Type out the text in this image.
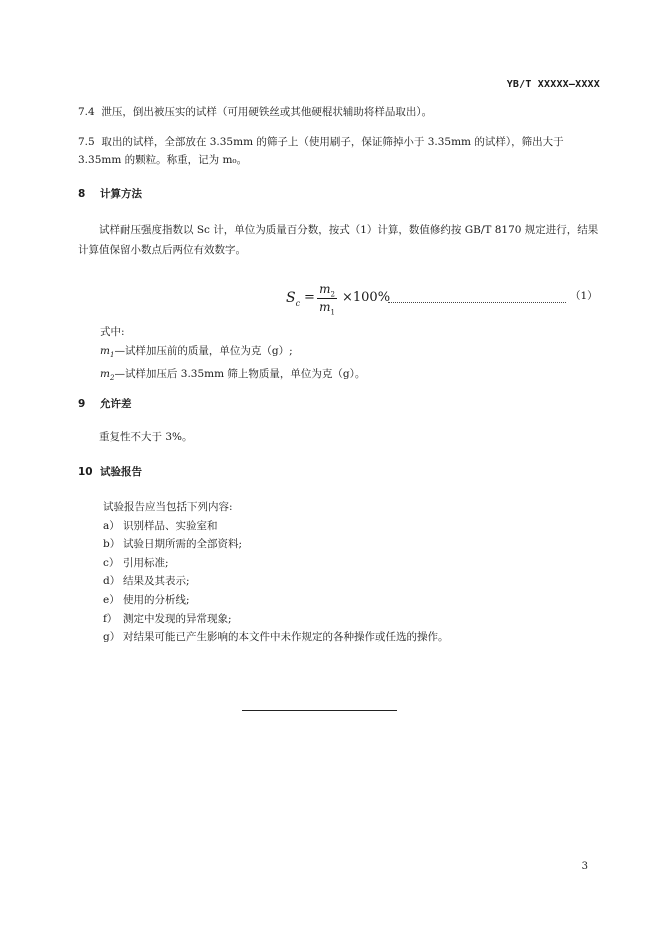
YB/T XXXXX—XXXX
7.4 泄压，倒出被压实的试样（可用硬铁丝或其他硬棍状辅助将样品取出）。
7.5 取出的试样，全部放在 3.35mm 的筛子上（使用刷子，保证筛掉小于 3.35mm 的试样），筛出大于 3.35mm 的颗粒。称重，记为 m₀。
8 计算方法
试样耐压强度指数以 Sc 计，单位为质量百分数，按式（1）计算，数值修约按 GB/T 8170 规定进行，结果计算值保留小数点后两位有效数字。
$S_c$ =
$m_2$
$m_1$
×100%	（1）
式中:
$m_1—$试样加压前的质量，单位为克（g）;
$m_2—$试样加压后 3.35mm 筛上物质量，单位为克（g）。
9 允许差
重复性不大于 3%。
10 试验报告
试验报告应当包括下列内容:
a） 识别样品、实验室和
b） 试验日期所需的全部资料;
c） 引用标准;
d） 结果及其表示;
e） 使用的分析线;
f） 测定中发现的异常现象;
g） 对结果可能已产生影响的本文件中未作规定的各种操作或任选的操作。
3
